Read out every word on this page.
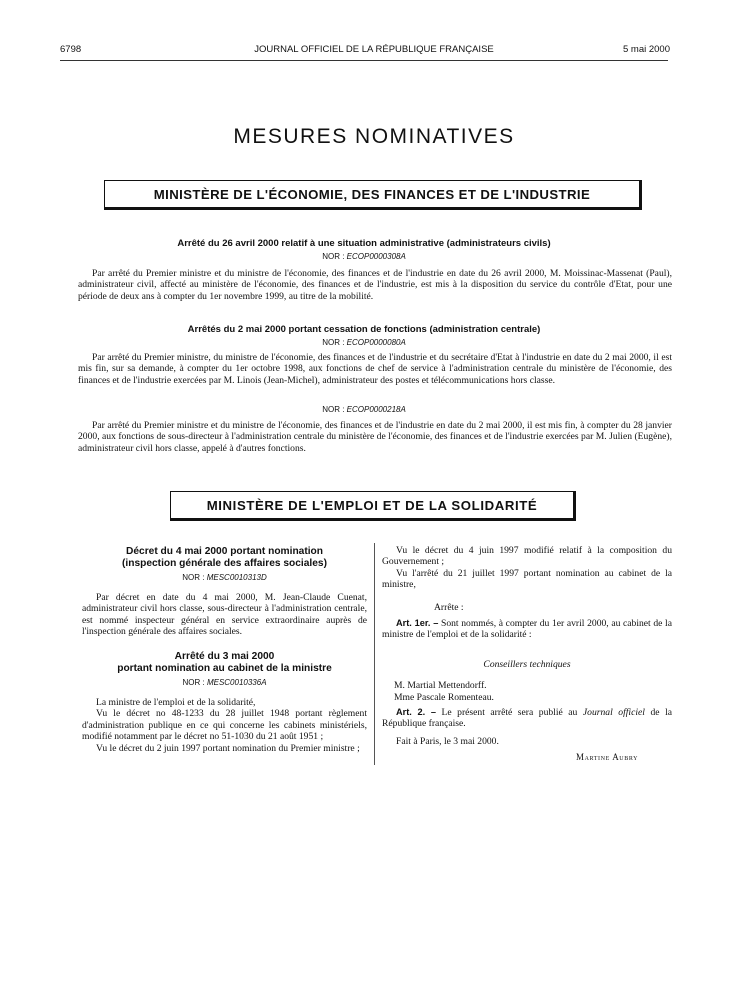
6798	JOURNAL OFFICIEL DE LA RÉPUBLIQUE FRANÇAISE	5 mai 2000
MESURES NOMINATIVES
MINISTÈRE DE L'ÉCONOMIE, DES FINANCES ET DE L'INDUSTRIE
Arrêté du 26 avril 2000 relatif à une situation administrative (administrateurs civils)
NOR : ECOP0000308A

Par arrêté du Premier ministre et du ministre de l'économie, des finances et de l'industrie en date du 26 avril 2000, M. Moissinac-Massenat (Paul), administrateur civil, affecté au ministère de l'économie, des finances et de l'industrie, est mis à la disposition du service du contrôle d'Etat, pour une période de deux ans à compter du 1er novembre 1999, au titre de la mobilité.

Arrêtés du 2 mai 2000 portant cessation de fonctions (administration centrale)
NOR : ECOP0000080A

Par arrêté du Premier ministre, du ministre de l'économie, des finances et de l'industrie et du secrétaire d'Etat à l'industrie en date du 2 mai 2000, il est mis fin, sur sa demande, à compter du 1er octobre 1998, aux fonctions de chef de service à l'administration centrale du ministère de l'économie, des finances et de l'industrie exercées par M. Linois (Jean-Michel), administrateur des postes et télécommunications hors classe.

NOR : ECOP0000218A

Par arrêté du Premier ministre et du ministre de l'économie, des finances et de l'industrie en date du 2 mai 2000, il est mis fin, à compter du 28 janvier 2000, aux fonctions de sous-directeur à l'administration centrale du ministère de l'économie, des finances et de l'industrie exercées par M. Julien (Eugène), administrateur civil hors classe, appelé à d'autres fonctions.

MINISTÈRE DE L'EMPLOI ET DE LA SOLIDARITÉ
Décret du 4 mai 2000 portant nomination
(inspection générale des affaires sociales)
NOR : MESC0010313D

Par décret en date du 4 mai 2000, M. Jean-Claude Cuenat, administrateur civil hors classe, sous-directeur à l'administration centrale, est nommé inspecteur général en service extraordinaire auprès de l'inspection générale des affaires sociales.

Arrêté du 3 mai 2000
portant nomination au cabinet de la ministre
NOR : MESC0010336A

La ministre de l'emploi et de la solidarité,

Vu le décret no 48-1233 du 28 juillet 1948 portant règlement d'administration publique en ce qui concerne les cabinets ministériels, modifié notamment par le décret no 51-1030 du 21 août 1951 ;

Vu le décret du 2 juin 1997 portant nomination du Premier ministre ;

Vu le décret du 4 juin 1997 modifié relatif à la composition du Gouvernement ;

Vu l'arrêté du 21 juillet 1997 portant nomination au cabinet de la ministre,

Arrête :

Art. 1er. – Sont nommés, à compter du 1er avril 2000, au cabinet de la ministre de l'emploi et de la solidarité :

Conseillers techniques
M. Martial Mettendorff.
Mme Pascale Romenteau.

Art. 2. – Le présent arrêté sera publié au Journal officiel de la République française.

Fait à Paris, le 3 mai 2000.

Martine Aubry
